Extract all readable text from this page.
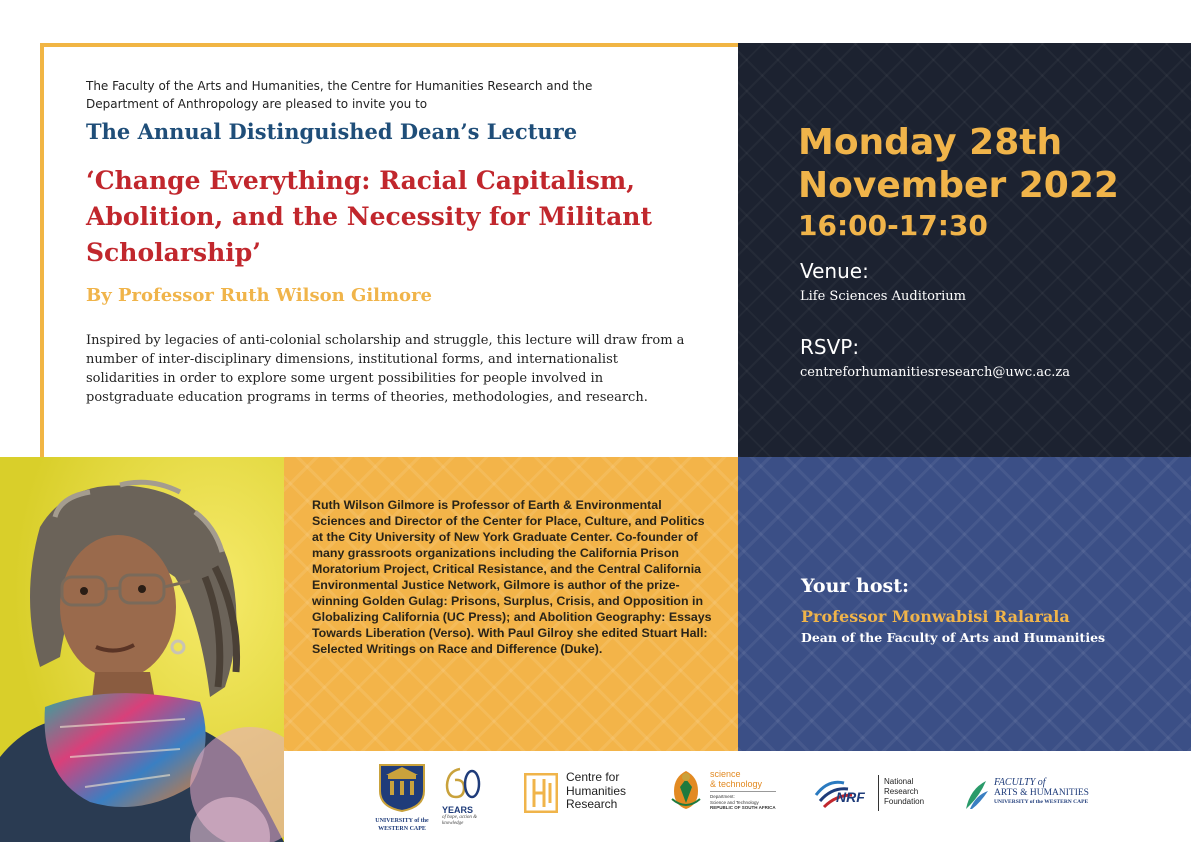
The Faculty of the Arts and Humanities, the Centre for Humanities Research and the Department of Anthropology are pleased to invite you to

The Annual Distinguished Dean’s Lecture
‘Change Everything: Racial Capitalism, Abolition, and the Necessity for Militant Scholarship’
By Professor Ruth Wilson Gilmore

Inspired by legacies of anti-colonial scholarship and struggle, this lecture will draw from a number of inter-disciplinary dimensions, institutional forms, and internationalist solidarities in order to explore some urgent possibilities for people involved in postgraduate education programs in terms of theories, methodologies, and research.

Monday 28th
November 2022
16:00-17:30
Venue:
Life Sciences Auditorium
RSVP:
centreforhumanitiesresearch@uwc.ac.za

Ruth Wilson Gilmore is Professor of Earth & Environmental Sciences and Director of the Center for Place, Culture, and Politics at the City University of New York Graduate Center. Co-founder of many grassroots organizations including the California Prison Moratorium Project, Critical Resistance, and the Central California Environmental Justice Network, Gilmore is author of the prize-winning Golden Gulag: Prisons, Surplus, Crisis, and Opposition in Globalizing California (UC Press); and Abolition Geography: Essays Towards Liberation (Verso). With Paul Gilroy she edited Stuart Hall: Selected Writings on Race and Difference (Duke).

Your host:
Professor Monwabisi Ralarala
Dean of the Faculty of Arts and Humanities
UNIVERSITY of the
WESTERN CAPE
YEARS
of hope, action & knowledge
Centre for
Humanities
Research
science
& technology
Department:
Science and Technology
REPUBLIC OF SOUTH AFRICA
NRF
National
Research
Foundation
FACULTY of
ARTS & HUMANITIES
UNIVERSITY of the WESTERN CAPE
